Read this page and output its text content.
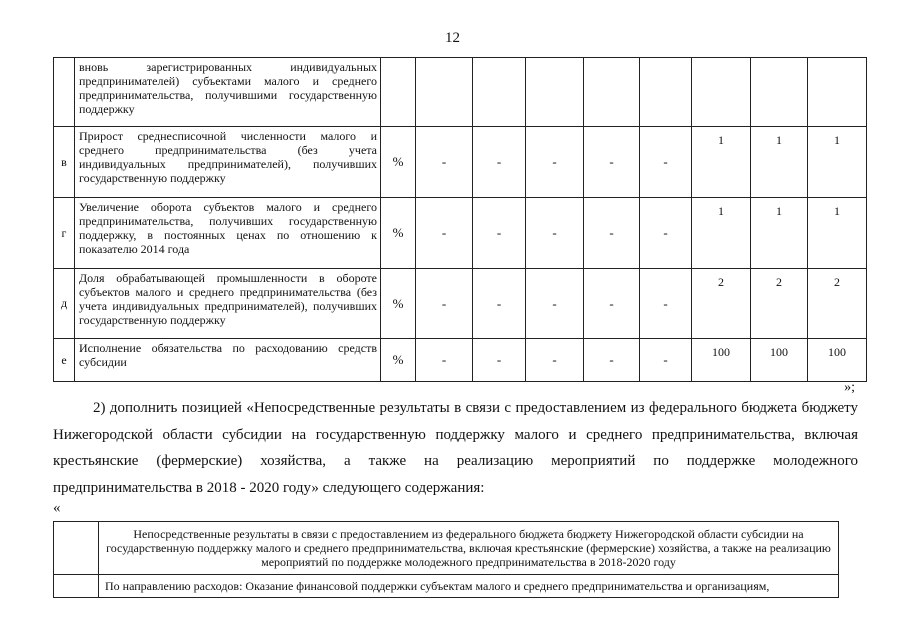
12
	вновь зарегистрированных индивидуальных предпринимателей) субъектами малого и среднего предпринимательства, получившими государственную поддержку									
в	Прирост среднесписочной численности малого и среднего предпринимательства (без учета индивидуальных предпринимателей), получивших государственную поддержку	%	-	-	-	-	-	1	1	1
г	Увеличение оборота субъектов малого и среднего предпринимательства, получивших государственную поддержку, в постоянных ценах по отношению к показателю 2014 года	%	-	-	-	-	-	1	1	1
д	Доля обрабатывающей промышленности в обороте субъектов малого и среднего предпринимательства (без учета индивидуальных предпринимателей), получивших государственную поддержку	%	-	-	-	-	-	2	2	2
е	Исполнение обязательства по расходованию средств субсидии	%	-	-	-	-	-	100	100	100
»;
2) дополнить позицией «Непосредственные результаты в связи с предоставлением из федерального бюджета бюджету Нижегородской области субсидии на государственную поддержку малого и среднего предпринимательства, включая крестьянские (фермерские) хозяйства, а также на реализацию мероприятий по поддержке молодежного предпринимательства в 2018 - 2020 году» следующего содержания:
«
	Непосредственные результаты в связи с предоставлением из федерального бюджета бюджету Нижегородской области субсидии на государственную поддержку малого и среднего предпринимательства, включая крестьянские (фермерские) хозяйства, а также на реализацию мероприятий по поддержке молодежного предпринимательства в 2018-2020 году
	По направлению расходов: Оказание финансовой поддержки субъектам малого и среднего предпринимательства и организациям,
